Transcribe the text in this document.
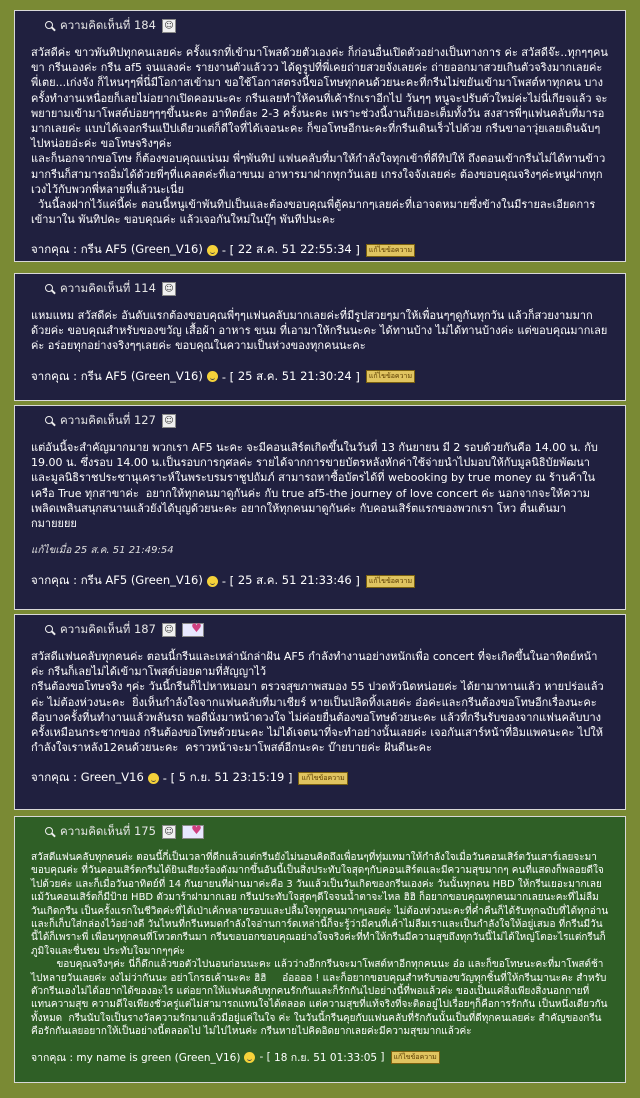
ความคิดเห็นที่ 184 ☺
สวัสดีค่ะ ขาวพันทิปทุกคนเลยค่ะ ครั้งแรกที่เข้ามาโพสด้วยตัวเองค่ะ ก็ก่อนอื่นเปิดตัวอย่างเป็นทางการ ค่ะ สวัสดีจ๊ะ..ทุกๆๆคนขา กรีนเองค่ะ กรีน af5 จนแลงค่ะ รายงานตัวแล้ววว ได้ดูรูปที่พี่เคยถ่ายสวยจังเลยค่ะ ถ่ายออกมาสวยเกินตัวจริงมากเลยค่ะ พี่เตย...เก่งจัง ก็ไหนๆๆพี่นี่มีโอกาสเข้ามา ขอใช้โอกาสตรงนี้ขอโทษทุกคนด้วยนะคะที่กรีนไม่ขยันเข้ามาโพสต์หาทุกคน บางครั้งทำงานเหนื่อยก็เลยไม่อยากเปิดคอมนะคะ กรีนเลยทำให้คนที่เค้ารักเราอีกไป วันๆๆ หนูจะปรับตัวใหม่ค่ะไม่นี่เกียจแล้ว จะพยายามเข้ามาโพสต์บ่อยๆๆๆขึ้นนะคะ อาทิตย์ละ 2-3 ครั้งนะคะ เพราะช่วงนี้งานก็เยอะเต็มทั้งวัน สงสารพี่ๆแฟนคลับที่มารอมากเลยค่ะ แบบได้เจอกรีนแป๊ปเดียวแต่ก็ดีใจที่ได้เจอนะคะ ก็ขอโทษอีกนะคะที่กรีนเดินเร็วไปด้วย กรีนขาอาวุ่ยเลยเดินฉับๆไปหน่อยอ่ะค่ะ ขอโทษจริงๆค่ะ
และก็นอกจากขอโทษ ก็ต้องขอบคุณแน่นม พี่ๆพันทิป แฟนคลับที่มาให้กำลังใจทุกเข้าที่ดีทิปให้ ถึงตอนเข้ากรีนไม่ได้ทานข้าวมากรีนก็สามารถอิ่มได้ด้วยพี่ๆที่แคลตค่ะที่เอาขนม อาหารมาฝากทุกวันเลย เกรงใจจังเลยค่ะ ต้องขอบคุณจริงๆค่ะหนูฝากทุกเวงไว้กับพวกพี่หลายที่แล้วนะเนี่ย
วันนี้ลงฝากไว้แค่นี้ค่ะ ตอนนี้หนูเข้าพันทิปเป็นและต้องขอบคุณพี่ตู้คมากๆเลยค่ะที่เอาจดหมายซึ่งข้างในมีรายละเอียดการเข้ามาใน พันทิปคะ ขอบคุณค่ะ แล้วเจอกันใหม่ในบุ๊ๆ พันทีปนะคะ
จากคุณ : กรีน AF5 (Green_V16) - [ 22 ส.ค. 51 22:55:34 ]	แก้ไขข้อความ
ความคิดเห็นที่ 114 ☺
แหมแหม สวัสดีค่ะ อันดับแรกต้องขอบคุณพี่ๆๆแฟนคลับมากเลยค่ะที่มีรูปสวยๆมาให้เพื่อนๆๆดูกันทุกวัน แล้วก็สวยงามมากด้วยค่ะ ขอบคุณสำหรับของขวัญ เสื้อผ้า อาหาร ขนม ที่เอามาให้กรีนนะคะ ได้ทานบ้าง ไม่ได้ทานบ้างค่ะ แต่ขอบคุณมากเลยค่ะ อร่อยทุกอย่างจริงๆๆเลยค่ะ ขอบคุณในความเป็นห่วงของทุกคนนะคะ
จากคุณ : กรีน AF5 (Green_V16) - [ 25 ส.ค. 51 21:30:24 ]	แก้ไขข้อความ
ความคิดเห็นที่ 127 ☺
แต่อันนี้จะสำคัญมากมาย พวกเรา AF5 นะคะ จะมีคอนเสิร์ตเกิดขึ้นในวันที่ 13 กันยายน มี 2 รอบด้วยกันคือ 14.00 น. กับ 19.00 น. ซึ่งรอบ 14.00 น.เป็นรอบการกุศลค่ะ รายได้จากการขายบัตรหลังหักค่าใช้จ่ายนำไปมอบให้กับมูลนิธิบัยพัฒนาและมูลนิธิราชประชานุเคราะห์ในพระบรมราชูปถัมภ์ สามารถหาซื้อบัตรได้ที่ webooking by true money ณ ร้านค้าในเครือ True ทุกสาขาค่ะ  อยากให้ทุกคนมาดูกันค่ะ กับ true af5-the journey of love concert ค่ะ นอกจากจะให้ความเพลิดเพลินสนุกสนานแล้วยังได้บุญด้วยนะคะ อยากให้ทุกคนมาดูกันค่ะ กับคอนเสิร์ตแรกของพวกเรา โหว ตื่นเต้นมากมายยยย
แก้ไขเมื่อ 25 ส.ค. 51 21:49:54
จากคุณ : กรีน AF5 (Green_V16) - [ 25 ส.ค. 51 21:33:46 ]	แก้ไขข้อความ
ความคิดเห็นที่ 187 ☺
♥
สวัสดีแฟนคลับทุกคนค่ะ ตอนนี้กรีนและเหล่านักล่าฝัน AF5 กำลังทำงานอย่างหนักเพื่อ concert ที่จะเกิดขึ้นในอาทิตย์หน้าค่ะ กรีนก็เลยไม่ได้เข้ามาโพสต์บ่อยตามที่สัญญาไว้
กรีนต้องขอโทษจริง ๆค่ะ วันนี้กรีนก็ไปหาหมอมา ตรวจสุขภาพสมอง 55 ปวดหัวนิดหน่อยค่ะ ได้ยามาทานแล้ว หายปร่อแล้วค่ะ ไม่ต้องห่วงนะคะ  ยิ่งเห็นกำลังใจจากแฟนคลับที่มาเชียร์ หายเป็นปลิดทิ้งเลยค่ะ อ๋อค่ะและกรีนต้องขอโทษอีกเรื่องนะคะ คือบางครั้งที่นทำงานแล้วพลันรถ พอดีนั่งมาหน้าดวงใจ ไม่ค่อยยื่นต้องขอโทษด้วยนะคะ แล้วที่กรีนรับของจากแฟนคลับบางครั้งเหมือนกระชากของ กรีนต้องขอโทษด้วยนะคะ ไม่ได้เจตนาที่จะทำอย่างนั้นเลยค่ะ เจอกันเสาร์หน้าที่อิมแพคนะคะ ไปให้กำลังใจเราหลัง12คนด้วยนะคะ  คราวหน้าจะมาโพสต์อีกนะคะ บ๊ายบายค่ะ ฝันดีนะคะ
จากคุณ : Green_V16 - [ 5 ก.ย. 51 23:15:19 ]	แก้ไขข้อความ
ความคิดเห็นที่ 175 ☺
♥
สวัสดีแฟนคลับทุกคนค่ะ ตอนนี้กี่เป็นเวลาที่ดีกแล้วแต่กรีนยังไม่นอนคิดถึงเพื่อนๆที่ทุ่มเทมาให้กำลังใจเมื่อวันคอนเสิร์ตวันเสาร์เลยจะมาขอบคุณค่ะ ที่วันคอนเสิร์ตกรีนได้ยินเสียงร้องดังมากขึ้นอันนี้เป็นสิ่งประทับใจสุดๆกับคอนเสิร์ตและมีความสุขมากๆ คนที่แสดงก็พลอยดีใจไปด้วยค่ะ และก็เมื่อวันอาทิตย์ที่ 14 กันยายนที่ผ่านมาค่ะคือ 3 วันแล้วเป็นวันเกิดของกรีนเองค่ะ วันนั้นทุกคน HBD ให้กรีนเยอะมากเลย แม้วันคอนเสิร์ตก็มีป้าย HBD ตัวมาร้าฝามากเลย กรีนประทับใจสุดๆดีใจจนน้ำตาจะไหล ฮิฮิ ก็อยากขอบคุณทุกคนมากเลยนะคะที่ไม่ลืมวันเกิดกรีน เป็นครั้งแรกในชีวิตค่ะที่ได้เป่าเค้กหลายรอบและปลื้มใจทุกคนมากๆเลยค่ะ ไม่ต้องห่วงนะคะที่ค่ำคืนก็ได้รับทุกฉบับที่ได้ทุกอ่านและก็เก็บใส่กล่องไว้อย่างดี วันไหนที่กรีนหมดกำลังใจอ่านการ์ดเหล่านี้ก็จะรู้ว่ามีคนที่เค้าไม่ลืมเราและเป็นกำลังใจให้อยู่เสมอ ที่กรีนมีวันนี้ได้ก็เพราะพี่ เพื่อนๆทุกคนที่โหวตกรีนมา กรีนขอบอกขอบคุณอย่างใจจริงค่ะที่ทำให้กรีนมีความสุขถึงทุกวันนี้ไม่ได้ใหญ่โตอะไรแต่กรีนก็ภูมิใจและชื่นชม ประทับใจมากๆๆค่ะ
ขอบคุณจริงๆค่ะ นี่ก็ดึกแล้วขอตัวไปนอนก่อนนะคะ แล้วว่างอีกกรีนจะมาโพสต์หาอีกทุกคนนะ อ๋อ และก็ขอโทษนะคะที่มาโพสต์ช้าไปหลายวันเลยค่ะ งงไม่ว่ากันนะ อย่าโกรธเค้านะคะ ฮิฮิ     อ๋ออออ ! และก็อยากขอบคุณสำหรับของขวัญทุกชิ้นที่ให้กรีนมานะคะ สำหรับตัวกรีนเองไม่ได้อยากได้ของอะไร แต่อยากให้แฟนคลับทุกคนรักกันและก็รักกันไปอย่างนี้ที่พอแล้วค่ะ ของเป็นแค่สิ่งเพียงสิ่งนอกกายที่แทนความสุข ความดีใจเพียงชั่วครู่แต่ไม่สามารถแทนใจได้ตลอด แต่ความสุขที่แท้จริงที่จะติดอยู่ไปเรื่อยๆก็คือการรักกัน เป็นหนึ่งเดียวกันทั้งหมด  กรีนนับใจเป็นรางวัลความรักมาแล้วมีอยู่แค่ในใจ ค่ะ ในวันนี้กรีนคุยกับแฟนคลับที่รักกันนั้นเป็นที่ดีทุกคนเลยค่ะ สำคัญของกรีนคือรักกันเลยอยากให้เป็นอย่างนี้ตลอดไป ไม่ไปไหนค่ะ กรีนหายไปคิดอิดยากเลยค่ะมีความสุขมากแล้วค่ะ
จากคุณ : my name is green (Green_V16) - [ 18 ก.ย. 51 01:33:05 ]	แก้ไขข้อความ
